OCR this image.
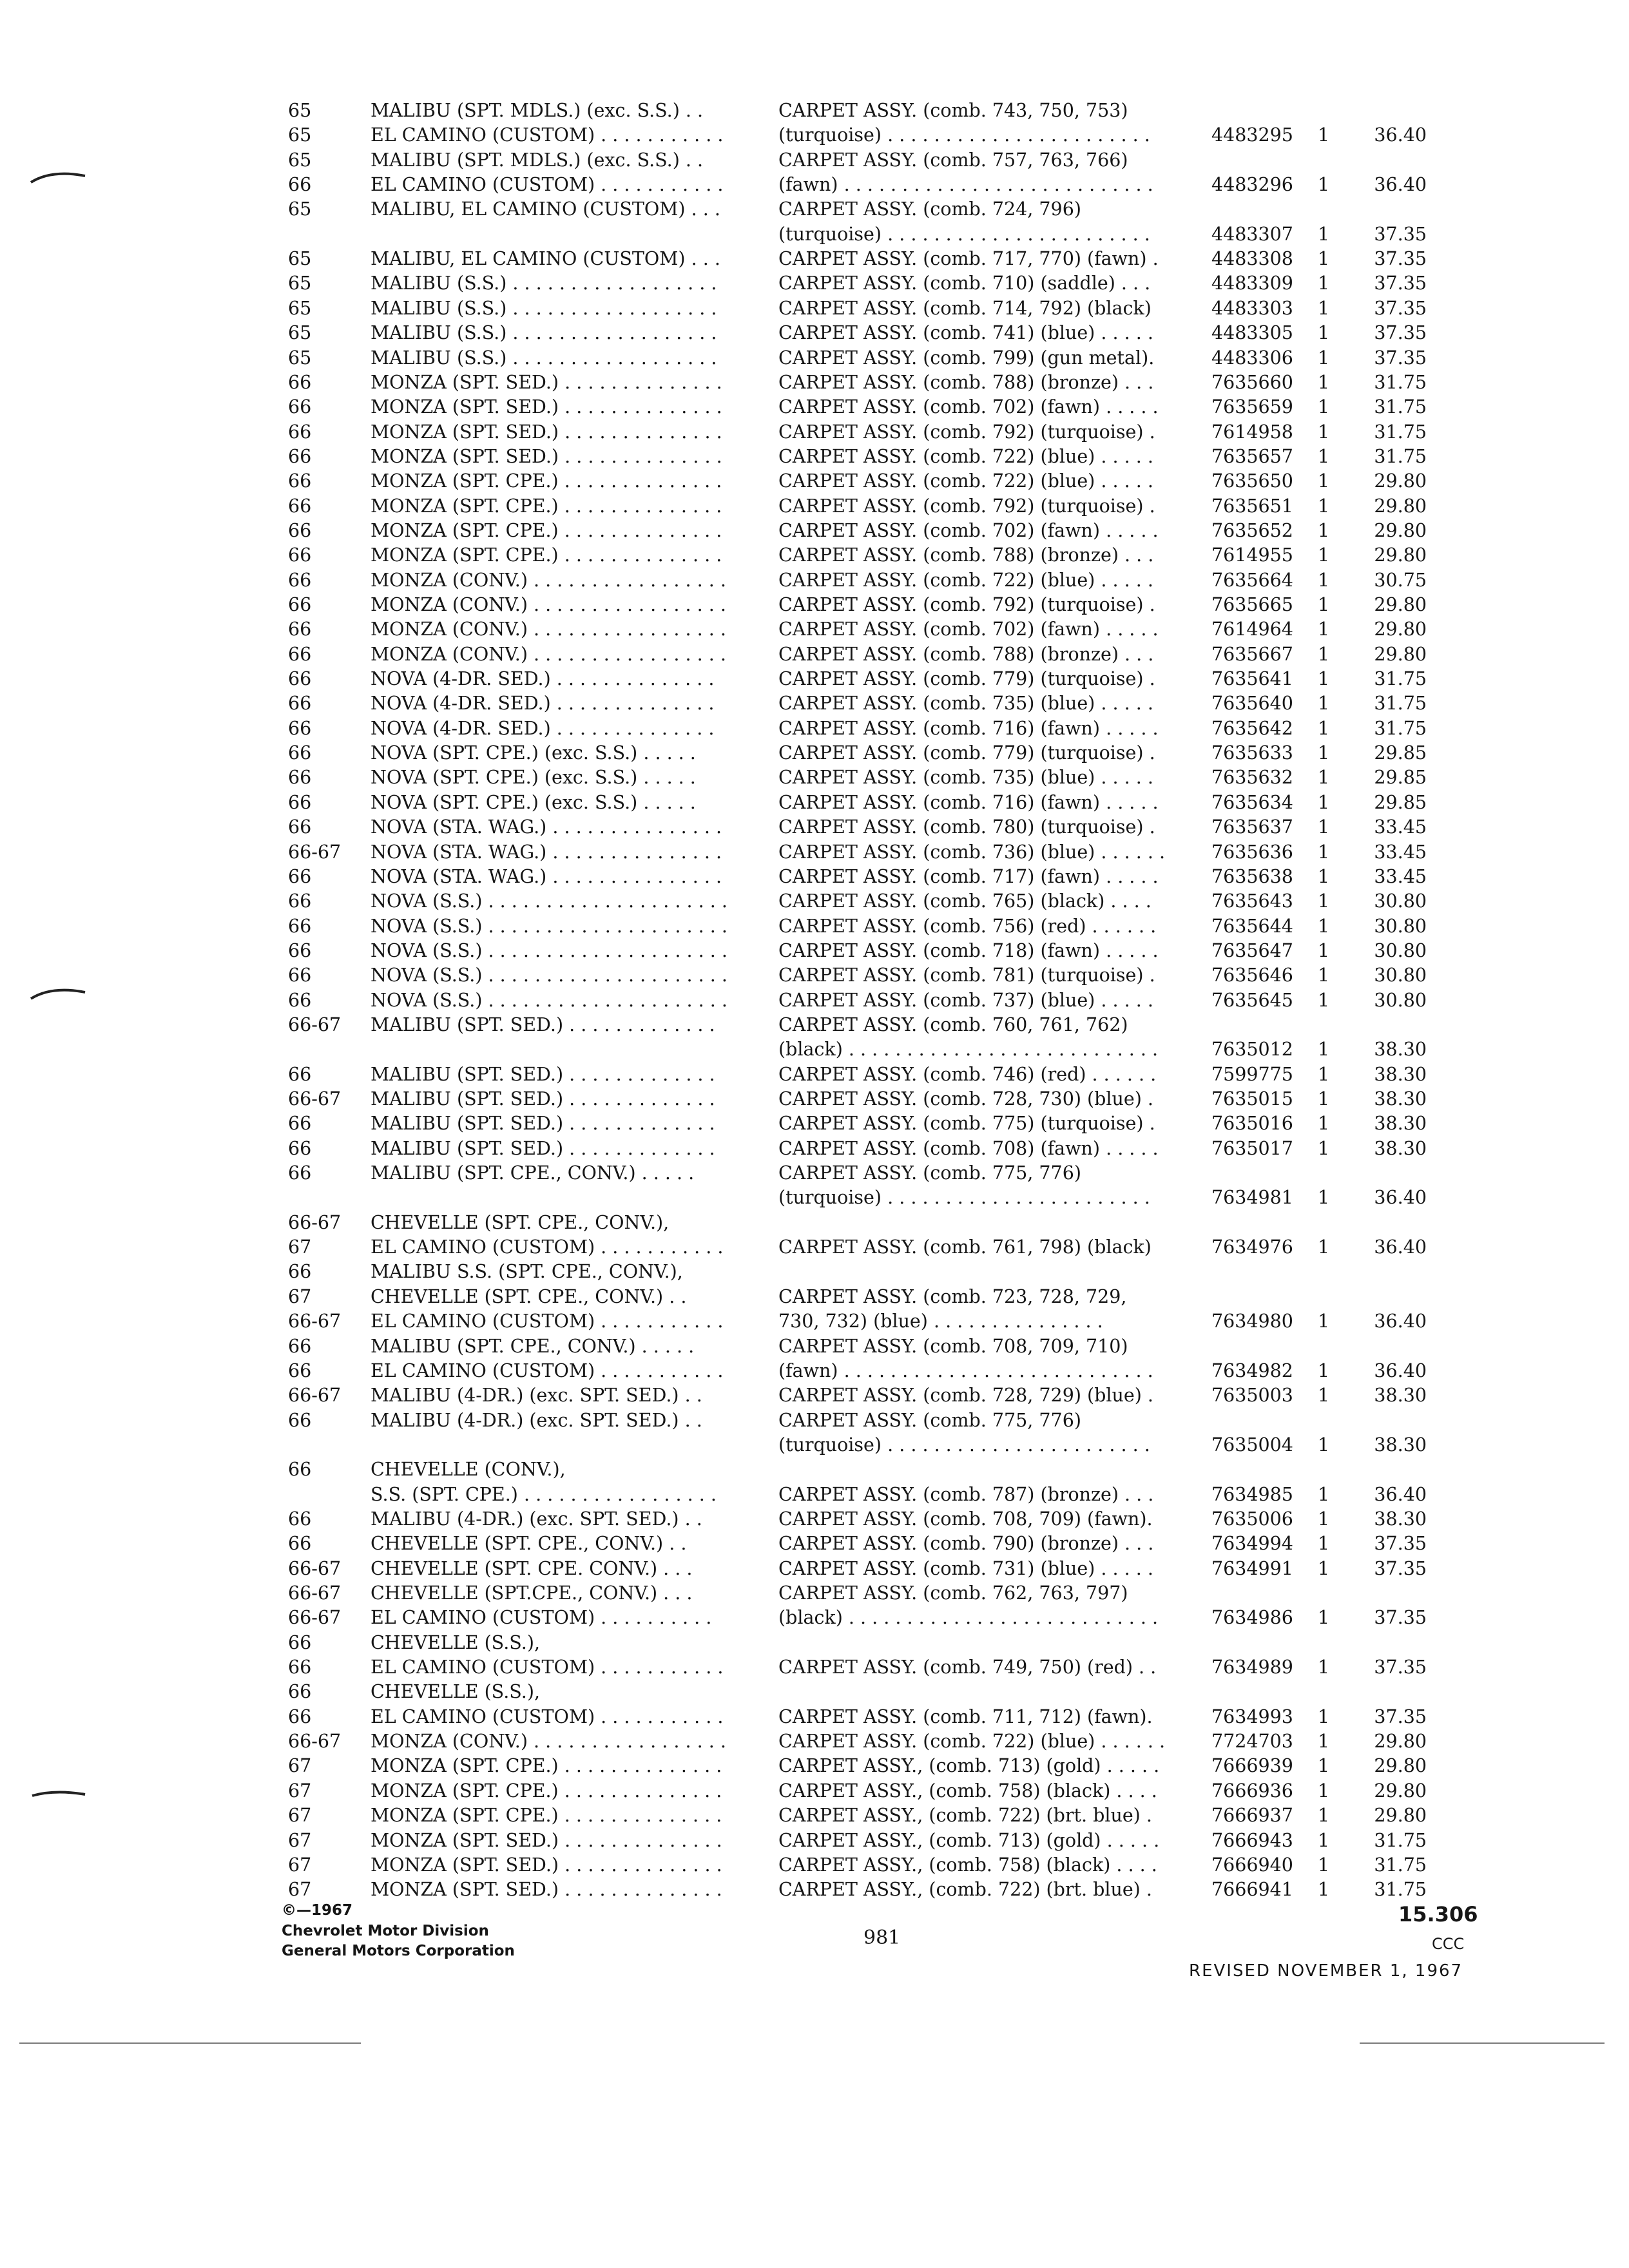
65	MALIBU (SPT. MDLS.) (exc. S.S.) . .	CARPET ASSY. (comb. 743, 750, 753)
65	EL CAMINO (CUSTOM) . . . . . . . . . . .	(turquoise) . . . . . . . . . . . . . . . . . . . . . . .	4483295 1	36.40
65	MALIBU (SPT. MDLS.) (exc. S.S.) . .	CARPET ASSY. (comb. 757, 763, 766)
66	EL CAMINO (CUSTOM) . . . . . . . . . . .	(fawn) . . . . . . . . . . . . . . . . . . . . . . . . . . .	4483296 1	36.40
65	MALIBU, EL CAMINO (CUSTOM) . . .	CARPET ASSY. (comb. 724, 796)
(turquoise) . . . . . . . . . . . . . . . . . . . . . . .	4483307 1	37.35
65	MALIBU, EL CAMINO (CUSTOM) . . .	CARPET ASSY. (comb. 717, 770) (fawn) .	4483308 1	37.35
65	MALIBU (S.S.) . . . . . . . . . . . . . . . . . .	CARPET ASSY. (comb. 710) (saddle) . . .	4483309 1	37.35
65	MALIBU (S.S.) . . . . . . . . . . . . . . . . . .	CARPET ASSY. (comb. 714, 792) (black)	4483303 1	37.35
65	MALIBU (S.S.) . . . . . . . . . . . . . . . . . .	CARPET ASSY. (comb. 741) (blue) . . . . .	4483305 1	37.35
65	MALIBU (S.S.) . . . . . . . . . . . . . . . . . .	CARPET ASSY. (comb. 799) (gun metal).	4483306 1	37.35
66	MONZA (SPT. SED.) . . . . . . . . . . . . . .	CARPET ASSY. (comb. 788) (bronze) . . .	7635660 1	31.75
66	MONZA (SPT. SED.) . . . . . . . . . . . . . .	CARPET ASSY. (comb. 702) (fawn) . . . . .	7635659 1	31.75
66	MONZA (SPT. SED.) . . . . . . . . . . . . . .	CARPET ASSY. (comb. 792) (turquoise) .	7614958 1	31.75
66	MONZA (SPT. SED.) . . . . . . . . . . . . . .	CARPET ASSY. (comb. 722) (blue) . . . . .	7635657 1	31.75
66	MONZA (SPT. CPE.) . . . . . . . . . . . . . .	CARPET ASSY. (comb. 722) (blue) . . . . .	7635650 1	29.80
66	MONZA (SPT. CPE.) . . . . . . . . . . . . . .	CARPET ASSY. (comb. 792) (turquoise) .	7635651 1	29.80
66	MONZA (SPT. CPE.) . . . . . . . . . . . . . .	CARPET ASSY. (comb. 702) (fawn) . . . . .	7635652 1	29.80
66	MONZA (SPT. CPE.) . . . . . . . . . . . . . .	CARPET ASSY. (comb. 788) (bronze) . . .	7614955 1	29.80
66	MONZA (CONV.) . . . . . . . . . . . . . . . . .	CARPET ASSY. (comb. 722) (blue) . . . . .	7635664 1	30.75
66	MONZA (CONV.) . . . . . . . . . . . . . . . . .	CARPET ASSY. (comb. 792) (turquoise) .	7635665 1	29.80
66	MONZA (CONV.) . . . . . . . . . . . . . . . . .	CARPET ASSY. (comb. 702) (fawn) . . . . .	7614964 1	29.80
66	MONZA (CONV.) . . . . . . . . . . . . . . . . .	CARPET ASSY. (comb. 788) (bronze) . . .	7635667 1	29.80
66	NOVA (4-DR. SED.) . . . . . . . . . . . . . .	CARPET ASSY. (comb. 779) (turquoise) .	7635641 1	31.75
66	NOVA (4-DR. SED.) . . . . . . . . . . . . . .	CARPET ASSY. (comb. 735) (blue) . . . . .	7635640 1	31.75
66	NOVA (4-DR. SED.) . . . . . . . . . . . . . .	CARPET ASSY. (comb. 716) (fawn) . . . . .	7635642 1	31.75
66	NOVA (SPT. CPE.) (exc. S.S.) . . . . .	CARPET ASSY. (comb. 779) (turquoise) .	7635633 1	29.85
66	NOVA (SPT. CPE.) (exc. S.S.) . . . . .	CARPET ASSY. (comb. 735) (blue) . . . . .	7635632 1	29.85
66	NOVA (SPT. CPE.) (exc. S.S.) . . . . .	CARPET ASSY. (comb. 716) (fawn) . . . . .	7635634 1	29.85
66	NOVA (STA. WAG.) . . . . . . . . . . . . . . .	CARPET ASSY. (comb. 780) (turquoise) .	7635637 1	33.45
66-67 NOVA (STA. WAG.) . . . . . . . . . . . . . . .	CARPET ASSY. (comb. 736) (blue) . . . . . .	7635636 1	33.45
66	NOVA (STA. WAG.) . . . . . . . . . . . . . . .	CARPET ASSY. (comb. 717) (fawn) . . . . .	7635638 1	33.45
66	NOVA (S.S.) . . . . . . . . . . . . . . . . . . . . .	CARPET ASSY. (comb. 765) (black) . . . .	7635643 1	30.80
66	NOVA (S.S.) . . . . . . . . . . . . . . . . . . . . .	CARPET ASSY. (comb. 756) (red) . . . . . .	7635644 1	30.80
66	NOVA (S.S.) . . . . . . . . . . . . . . . . . . . . .	CARPET ASSY. (comb. 718) (fawn) . . . . .	7635647 1	30.80
66	NOVA (S.S.) . . . . . . . . . . . . . . . . . . . . .	CARPET ASSY. (comb. 781) (turquoise) .	7635646 1	30.80
66	NOVA (S.S.) . . . . . . . . . . . . . . . . . . . . .	CARPET ASSY. (comb. 737) (blue) . . . . .	7635645 1	30.80
66-67 MALIBU (SPT. SED.) . . . . . . . . . . . . .	CARPET ASSY. (comb. 760, 761, 762)
(black) . . . . . . . . . . . . . . . . . . . . . . . . . . .	7635012 1	38.30
66	MALIBU (SPT. SED.) . . . . . . . . . . . . .	CARPET ASSY. (comb. 746) (red) . . . . . .	7599775 1	38.30
66-67 MALIBU (SPT. SED.) . . . . . . . . . . . . .	CARPET ASSY. (comb. 728, 730) (blue) .	7635015 1	38.30
66	MALIBU (SPT. SED.) . . . . . . . . . . . . .	CARPET ASSY. (comb. 775) (turquoise) .	7635016 1	38.30
66	MALIBU (SPT. SED.) . . . . . . . . . . . . .	CARPET ASSY. (comb. 708) (fawn) . . . . .	7635017 1	38.30
66	MALIBU (SPT. CPE., CONV.) . . . . .	CARPET ASSY. (comb. 775, 776)
(turquoise) . . . . . . . . . . . . . . . . . . . . . . .	7634981 1	36.40
66-67 CHEVELLE (SPT. CPE., CONV.),
67	EL CAMINO (CUSTOM) . . . . . . . . . . .	CARPET ASSY. (comb. 761, 798) (black)	7634976 1	36.40
66	MALIBU S.S. (SPT. CPE., CONV.),
67	CHEVELLE (SPT. CPE., CONV.) . .	CARPET ASSY. (comb. 723, 728, 729,
66-67 EL CAMINO (CUSTOM) . . . . . . . . . . .	730, 732) (blue) . . . . . . . . . . . . . . .	7634980 1	36.40
66	MALIBU (SPT. CPE., CONV.) . . . . .	CARPET ASSY. (comb. 708, 709, 710)
66	EL CAMINO (CUSTOM) . . . . . . . . . . .	(fawn) . . . . . . . . . . . . . . . . . . . . . . . . . . .	7634982 1	36.40
66-67 MALIBU (4-DR.) (exc. SPT. SED.) . .	CARPET ASSY. (comb. 728, 729) (blue) .	7635003 1	38.30
66	MALIBU (4-DR.) (exc. SPT. SED.) . .	CARPET ASSY. (comb. 775, 776)
(turquoise) . . . . . . . . . . . . . . . . . . . . . . .	7635004 1	38.30
66	CHEVELLE (CONV.),
S.S. (SPT. CPE.) . . . . . . . . . . . . . . . . .	CARPET ASSY. (comb. 787) (bronze) . . .	7634985 1	36.40
66	MALIBU (4-DR.) (exc. SPT. SED.) . .	CARPET ASSY. (comb. 708, 709) (fawn).	7635006 1	38.30
66	CHEVELLE (SPT. CPE., CONV.) . .	CARPET ASSY. (comb. 790) (bronze) . . .	7634994 1	37.35
66-67 CHEVELLE (SPT. CPE. CONV.) . . .	CARPET ASSY. (comb. 731) (blue) . . . . .	7634991 1	37.35
66-67 CHEVELLE (SPT.CPE., CONV.) . . .	CARPET ASSY. (comb. 762, 763, 797)
66-67 EL CAMINO (CUSTOM) . . . . . . . . . .	(black) . . . . . . . . . . . . . . . . . . . . . . . . . . .	7634986 1	37.35
66	CHEVELLE (S.S.),
66	EL CAMINO (CUSTOM) . . . . . . . . . . .	CARPET ASSY. (comb. 749, 750) (red) . .	7634989 1	37.35
66	CHEVELLE (S.S.),
66	EL CAMINO (CUSTOM) . . . . . . . . . . .	CARPET ASSY. (comb. 711, 712) (fawn).	7634993 1	37.35
66-67 MONZA (CONV.) . . . . . . . . . . . . . . . . .	CARPET ASSY. (comb. 722) (blue) . . . . . .	7724703 1	29.80
67	MONZA (SPT. CPE.) . . . . . . . . . . . . . .	CARPET ASSY., (comb. 713) (gold) . . . . .	7666939 1	29.80
67	MONZA (SPT. CPE.) . . . . . . . . . . . . . .	CARPET ASSY., (comb. 758) (black) . . . .	7666936 1	29.80
67	MONZA (SPT. CPE.) . . . . . . . . . . . . . .	CARPET ASSY., (comb. 722) (brt. blue) .	7666937 1	29.80
67	MONZA (SPT. SED.) . . . . . . . . . . . . . .	CARPET ASSY., (comb. 713) (gold) . . . . .	7666943 1	31.75
67	MONZA (SPT. SED.) . . . . . . . . . . . . . .	CARPET ASSY., (comb. 758) (black) . . . .	7666940 1	31.75
67	MONZA (SPT. SED.) . . . . . . . . . . . . . .	CARPET ASSY., (comb. 722) (brt. blue) .	7666941 1	31.75
©—1967
Chevrolet Motor Division
General Motors Corporation
981
15.306
CCC
REVISED NOVEMBER 1, 1967
